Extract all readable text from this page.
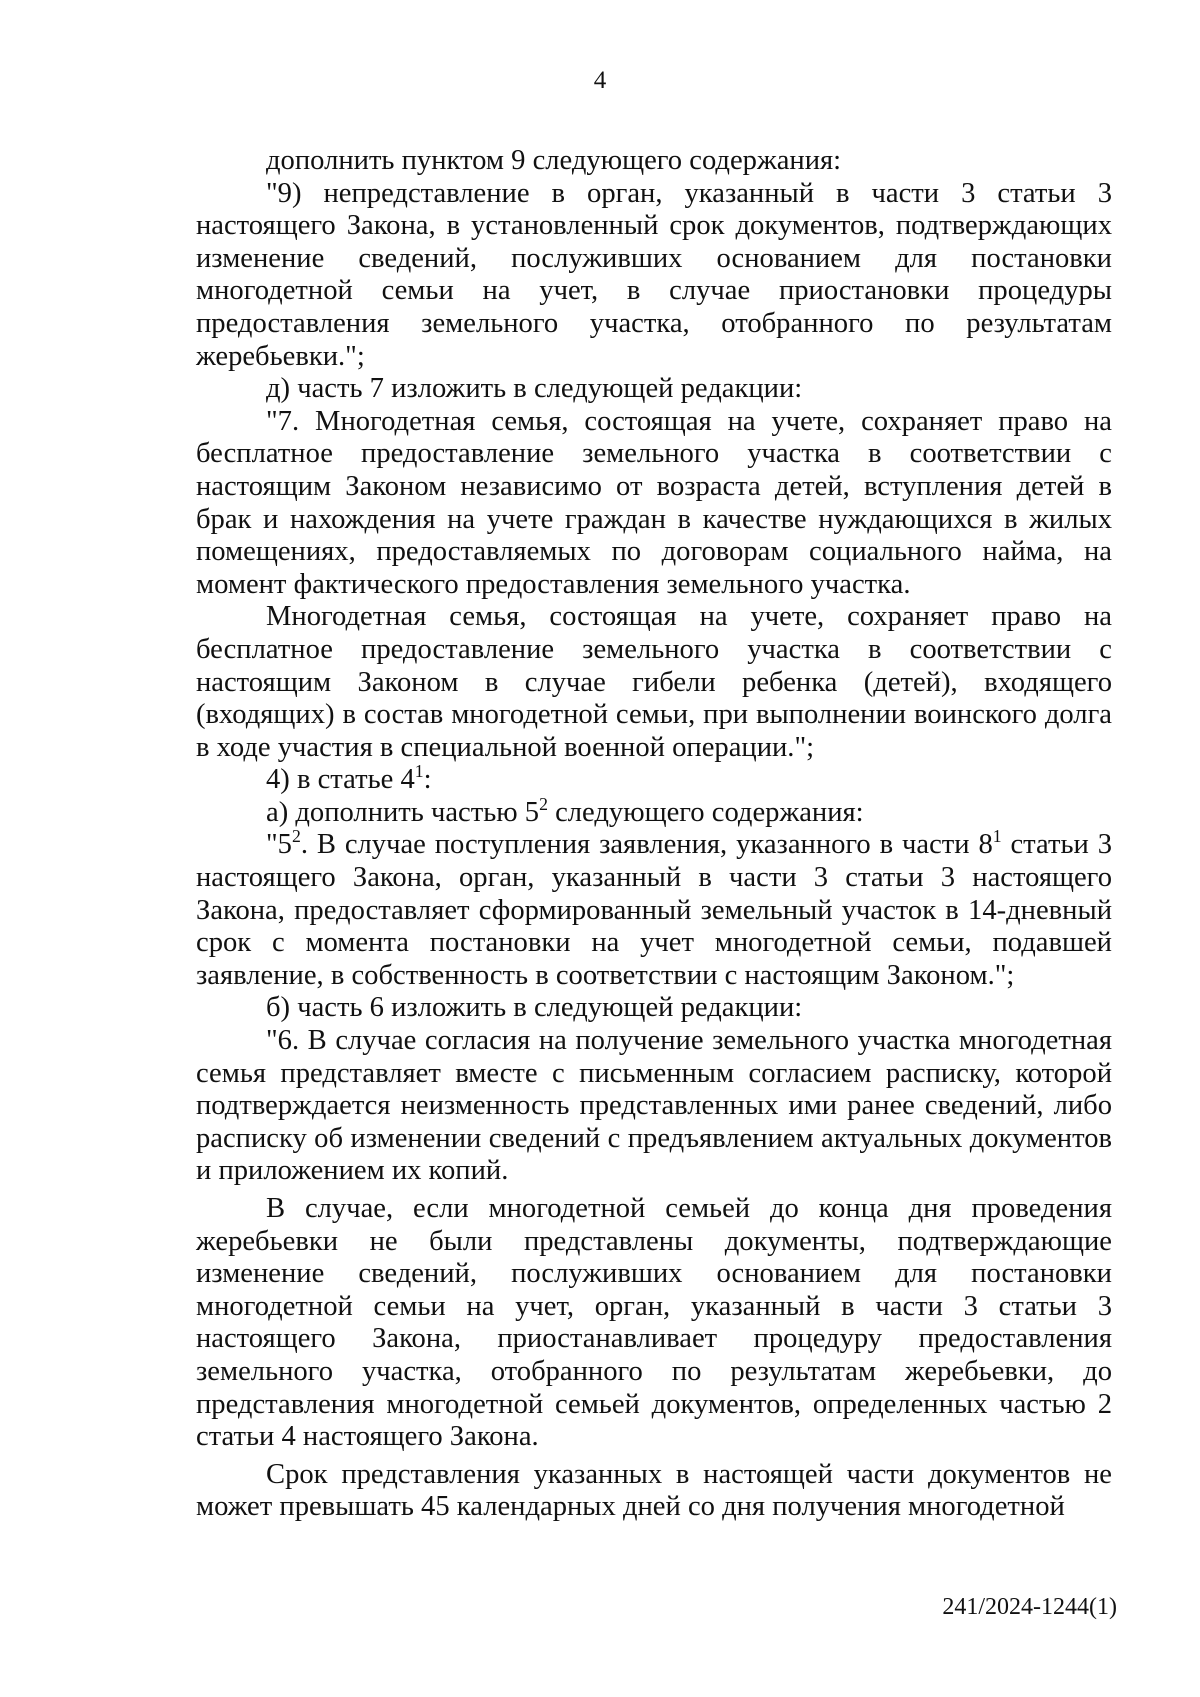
4

дополнить пунктом 9 следующего содержания:

"9) непредставление в орган, указанный в части 3 статьи 3 настоящего Закона, в установленный срок документов, подтверждающих изменение сведений, послуживших основанием для постановки многодетной семьи на учет, в случае приостановки процедуры предоставления земельного участка, отобранного по результатам жеребьевки.";

д) часть 7 изложить в следующей редакции:

"7. Многодетная семья, состоящая на учете, сохраняет право на бесплатное предоставление земельного участка в соответствии с настоящим Законом независимо от возраста детей, вступления детей в брак и нахождения на учете граждан в качестве нуждающихся в жилых помещениях, предоставляемых по договорам социального найма, на момент фактического предоставления земельного участка.

Многодетная семья, состоящая на учете, сохраняет право на бесплатное предоставление земельного участка в соответствии с настоящим Законом в случае гибели ребенка (детей), входящего (входящих) в состав многодетной семьи, при выполнении воинского долга в ходе участия в специальной военной операции.";

4) в статье $4^1$:

а) дополнить частью $5^2$ следующего содержания:

"$5^2$. В случае поступления заявления, указанного в части $8^1$ статьи 3 настоящего Закона, орган, указанный в части 3 статьи 3 настоящего Закона, предоставляет сформированный земельный участок в 14-дневный срок с момента постановки на учет многодетной семьи, подавшей заявление, в собственность в соответствии с настоящим Законом.";

б) часть 6 изложить в следующей редакции:

"6. В случае согласия на получение земельного участка многодетная семья представляет вместе с письменным согласием расписку, которой подтверждается неизменность представленных ими ранее сведений, либо расписку об изменении сведений с предъявлением актуальных документов и приложением их копий.

В случае, если многодетной семьей до конца дня проведения жеребьевки не были представлены документы, подтверждающие изменение сведений, послуживших основанием для постановки многодетной семьи на учет, орган, указанный в части 3 статьи 3 настоящего Закона, приостанавливает процедуру предоставления земельного участка, отобранного по результатам жеребьевки, до представления многодетной семьей документов, определенных частью 2 статьи 4 настоящего Закона.

Срок представления указанных в настоящей части документов не может превышать 45 календарных дней со дня получения многодетной

241/2024-1244(1)
